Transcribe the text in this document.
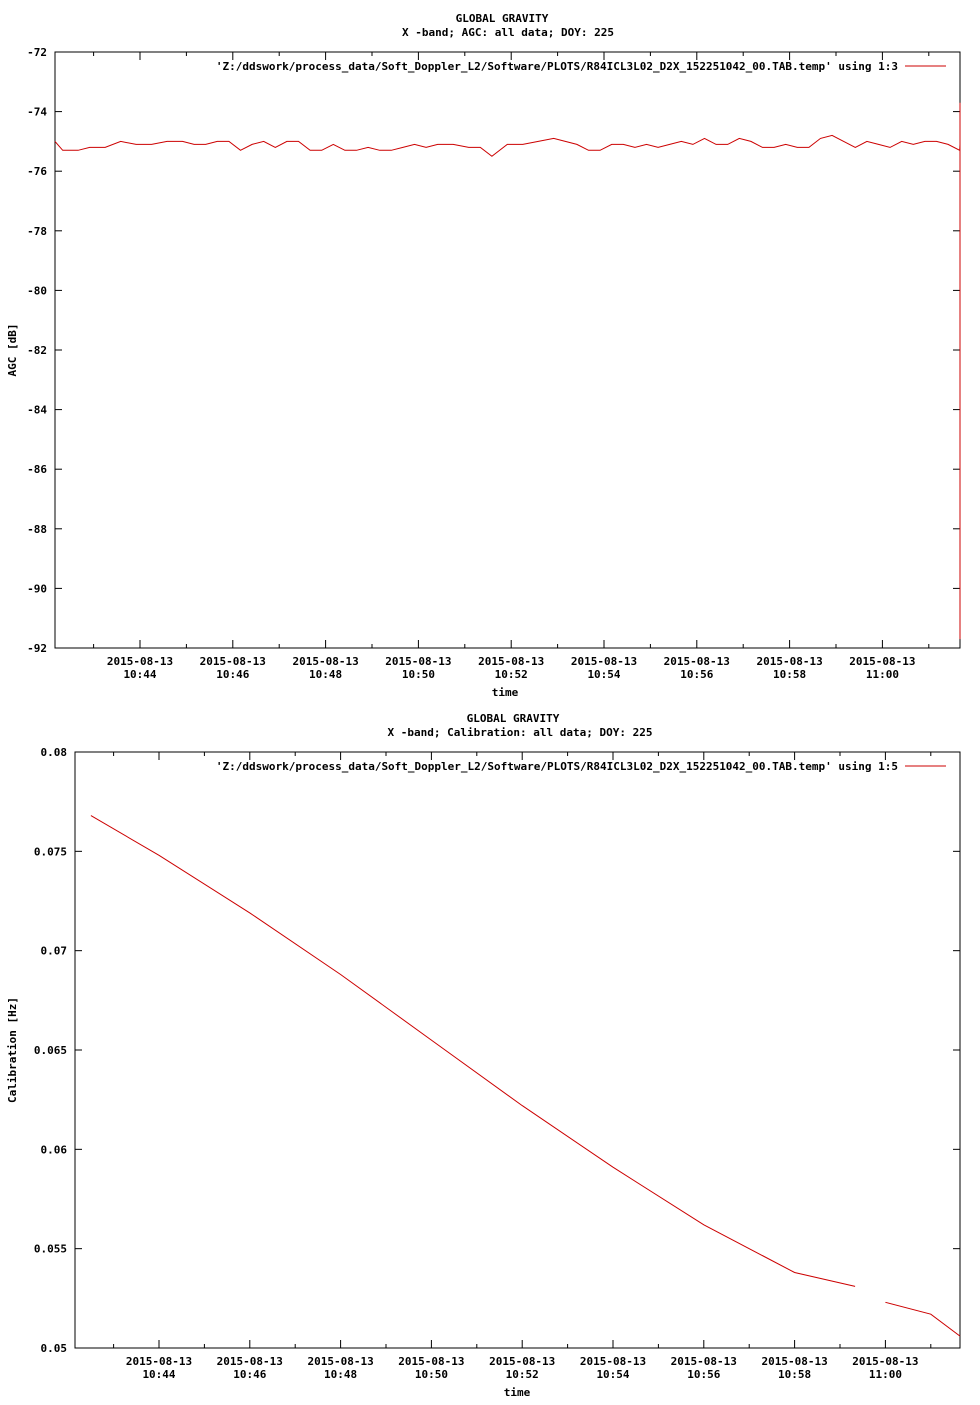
GLOBAL GRAVITY
X -band; AGC: all data; DOY: 225
-72
-74
-76
-78
-80
-82
-84
-86
-88
-90
-92
2015-08-13
10:44
2015-08-13
10:46
2015-08-13
10:48
2015-08-13
10:50
2015-08-13
10:52
2015-08-13
10:54
2015-08-13
10:56
2015-08-13
10:58
2015-08-13
11:00
AGC [dB]
time
'Z:/ddswork/process_data/Soft_Doppler_L2/Software/PLOTS/R84ICL3L02_D2X_152251042_00.TAB.temp' using 1:3
GLOBAL GRAVITY
X -band; Calibration: all data; DOY: 225
0.08
0.075
0.07
0.065
0.06
0.055
0.05
2015-08-13
10:44
2015-08-13
10:46
2015-08-13
10:48
2015-08-13
10:50
2015-08-13
10:52
2015-08-13
10:54
2015-08-13
10:56
2015-08-13
10:58
2015-08-13
11:00
Calibration [Hz]
time
'Z:/ddswork/process_data/Soft_Doppler_L2/Software/PLOTS/R84ICL3L02_D2X_152251042_00.TAB.temp' using 1:5
